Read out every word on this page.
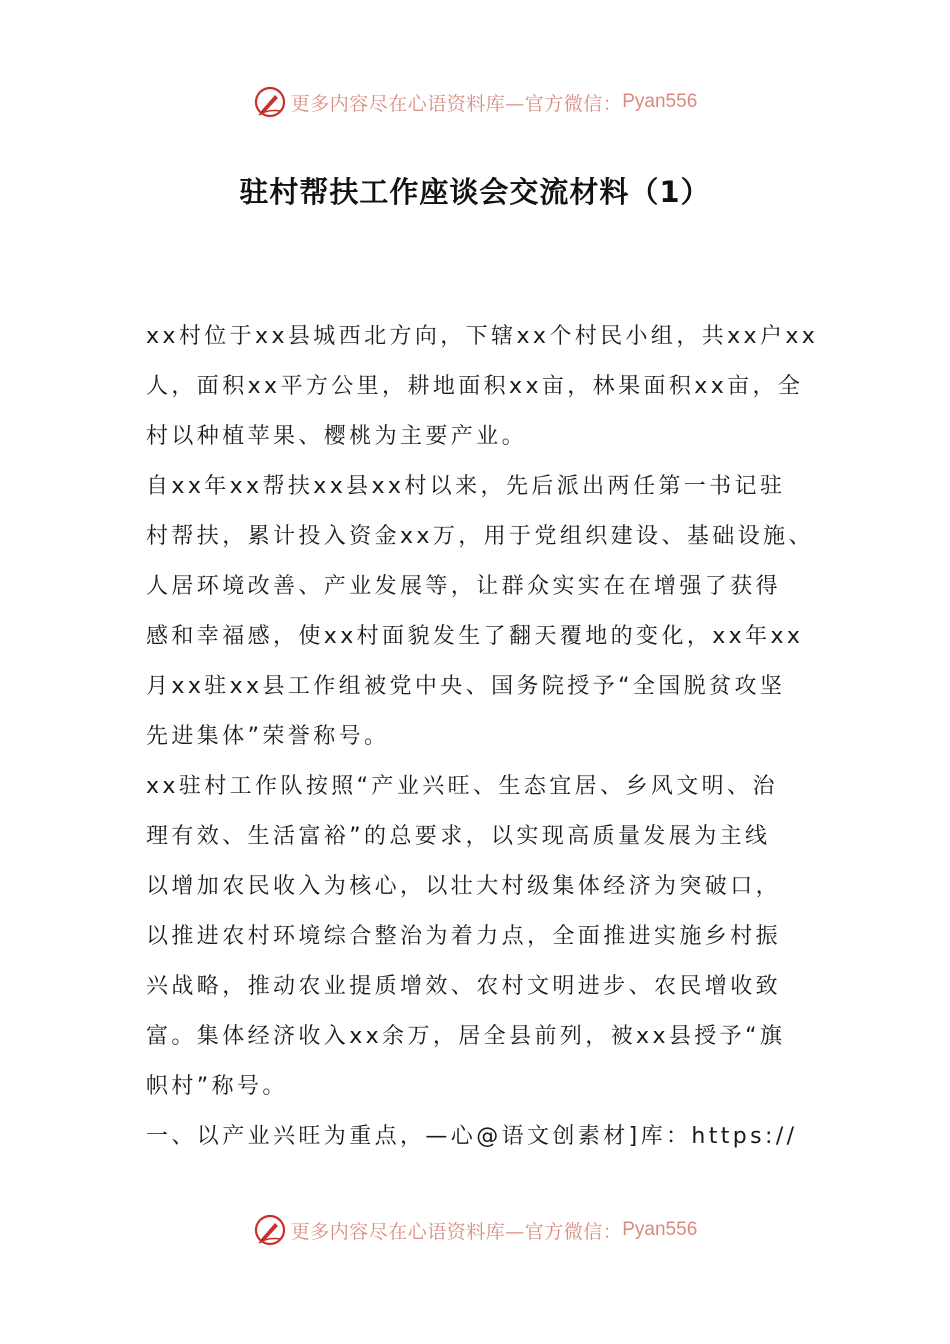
更多内容尽在心语资料库—官方微信： Pyan556
驻村帮扶工作座谈会交流材料（1）
xx村位于xx县城西北方向，下辖xx个村民小组，共xx户xx
人，面积xx平方公里，耕地面积xx亩，林果面积xx亩，全
村以种植苹果、樱桃为主要产业。
自xx年xx帮扶xx县xx村以来，先后派出两任第一书记驻
村帮扶，累计投入资金xx万，用于党组织建设、基础设施、
人居环境改善、产业发展等，让群众实实在在增强了获得
感和幸福感，使xx村面貌发生了翻天覆地的变化，xx年xx
月xx驻xx县工作组被党中央、国务院授予“全国脱贫攻坚
先进集体”荣誉称号。
xx驻村工作队按照“产业兴旺、生态宜居、乡风文明、治
理有效、生活富裕”的总要求，以实现高质量发展为主线
以增加农民收入为核心，以壮大村级集体经济为突破口，
以推进农村环境综合整治为着力点，全面推进实施乡村振
兴战略，推动农业提质增效、农村文明进步、农民增收致
富。集体经济收入xx余万，居全县前列，被xx县授予“旗
帜村”称号。
一、以产业兴旺为重点，—心@语文创素材]库：https://
更多内容尽在心语资料库—官方微信： Pyan556
